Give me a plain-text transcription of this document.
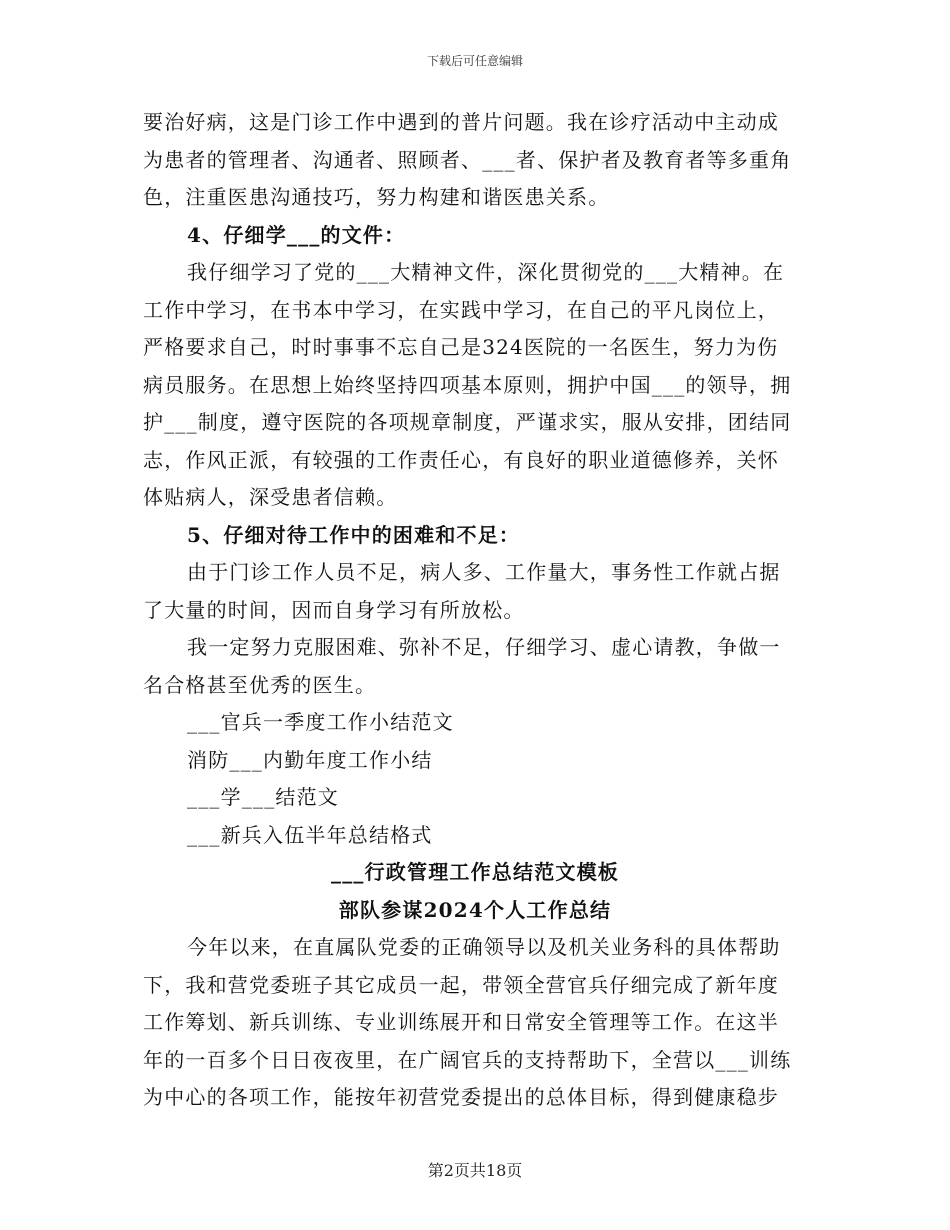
下载后可任意编辑
要治好病，这是门诊工作中遇到的普片问题。我在诊疗活动中主动成
为患者的管理者、沟通者、照顾者、___者、保护者及教育者等多重角
色，注重医患沟通技巧，努力构建和谐医患关系。
4、仔细学___的文件：
我仔细学习了党的___大精神文件，深化贯彻党的___大精神。在
工作中学习，在书本中学习，在实践中学习，在自己的平凡岗位上，
严格要求自己，时时事事不忘自己是324医院的一名医生，努力为伤
病员服务。在思想上始终坚持四项基本原则，拥护中国___的领导，拥
护___制度，遵守医院的各项规章制度，严谨求实，服从安排，团结同
志，作风正派，有较强的工作责任心，有良好的职业道德修养，关怀
体贴病人，深受患者信赖。
5、仔细对待工作中的困难和不足：
由于门诊工作人员不足，病人多、工作量大，事务性工作就占据
了大量的时间，因而自身学习有所放松。
我一定努力克服困难、弥补不足，仔细学习、虚心请教，争做一
名合格甚至优秀的医生。
___官兵一季度工作小结范文
消防___内勤年度工作小结
___学___结范文
___新兵入伍半年总结格式
___行政管理工作总结范文模板
部队参谋2024个人工作总结
今年以来，在直属队党委的正确领导以及机关业务科的具体帮助
下，我和营党委班子其它成员一起，带领全营官兵仔细完成了新年度
工作筹划、新兵训练、专业训练展开和日常安全管理等工作。在这半
年的一百多个日日夜夜里，在广阔官兵的支持帮助下，全营以___训练
为中心的各项工作，能按年初营党委提出的总体目标，得到健康稳步
第2页共18页
